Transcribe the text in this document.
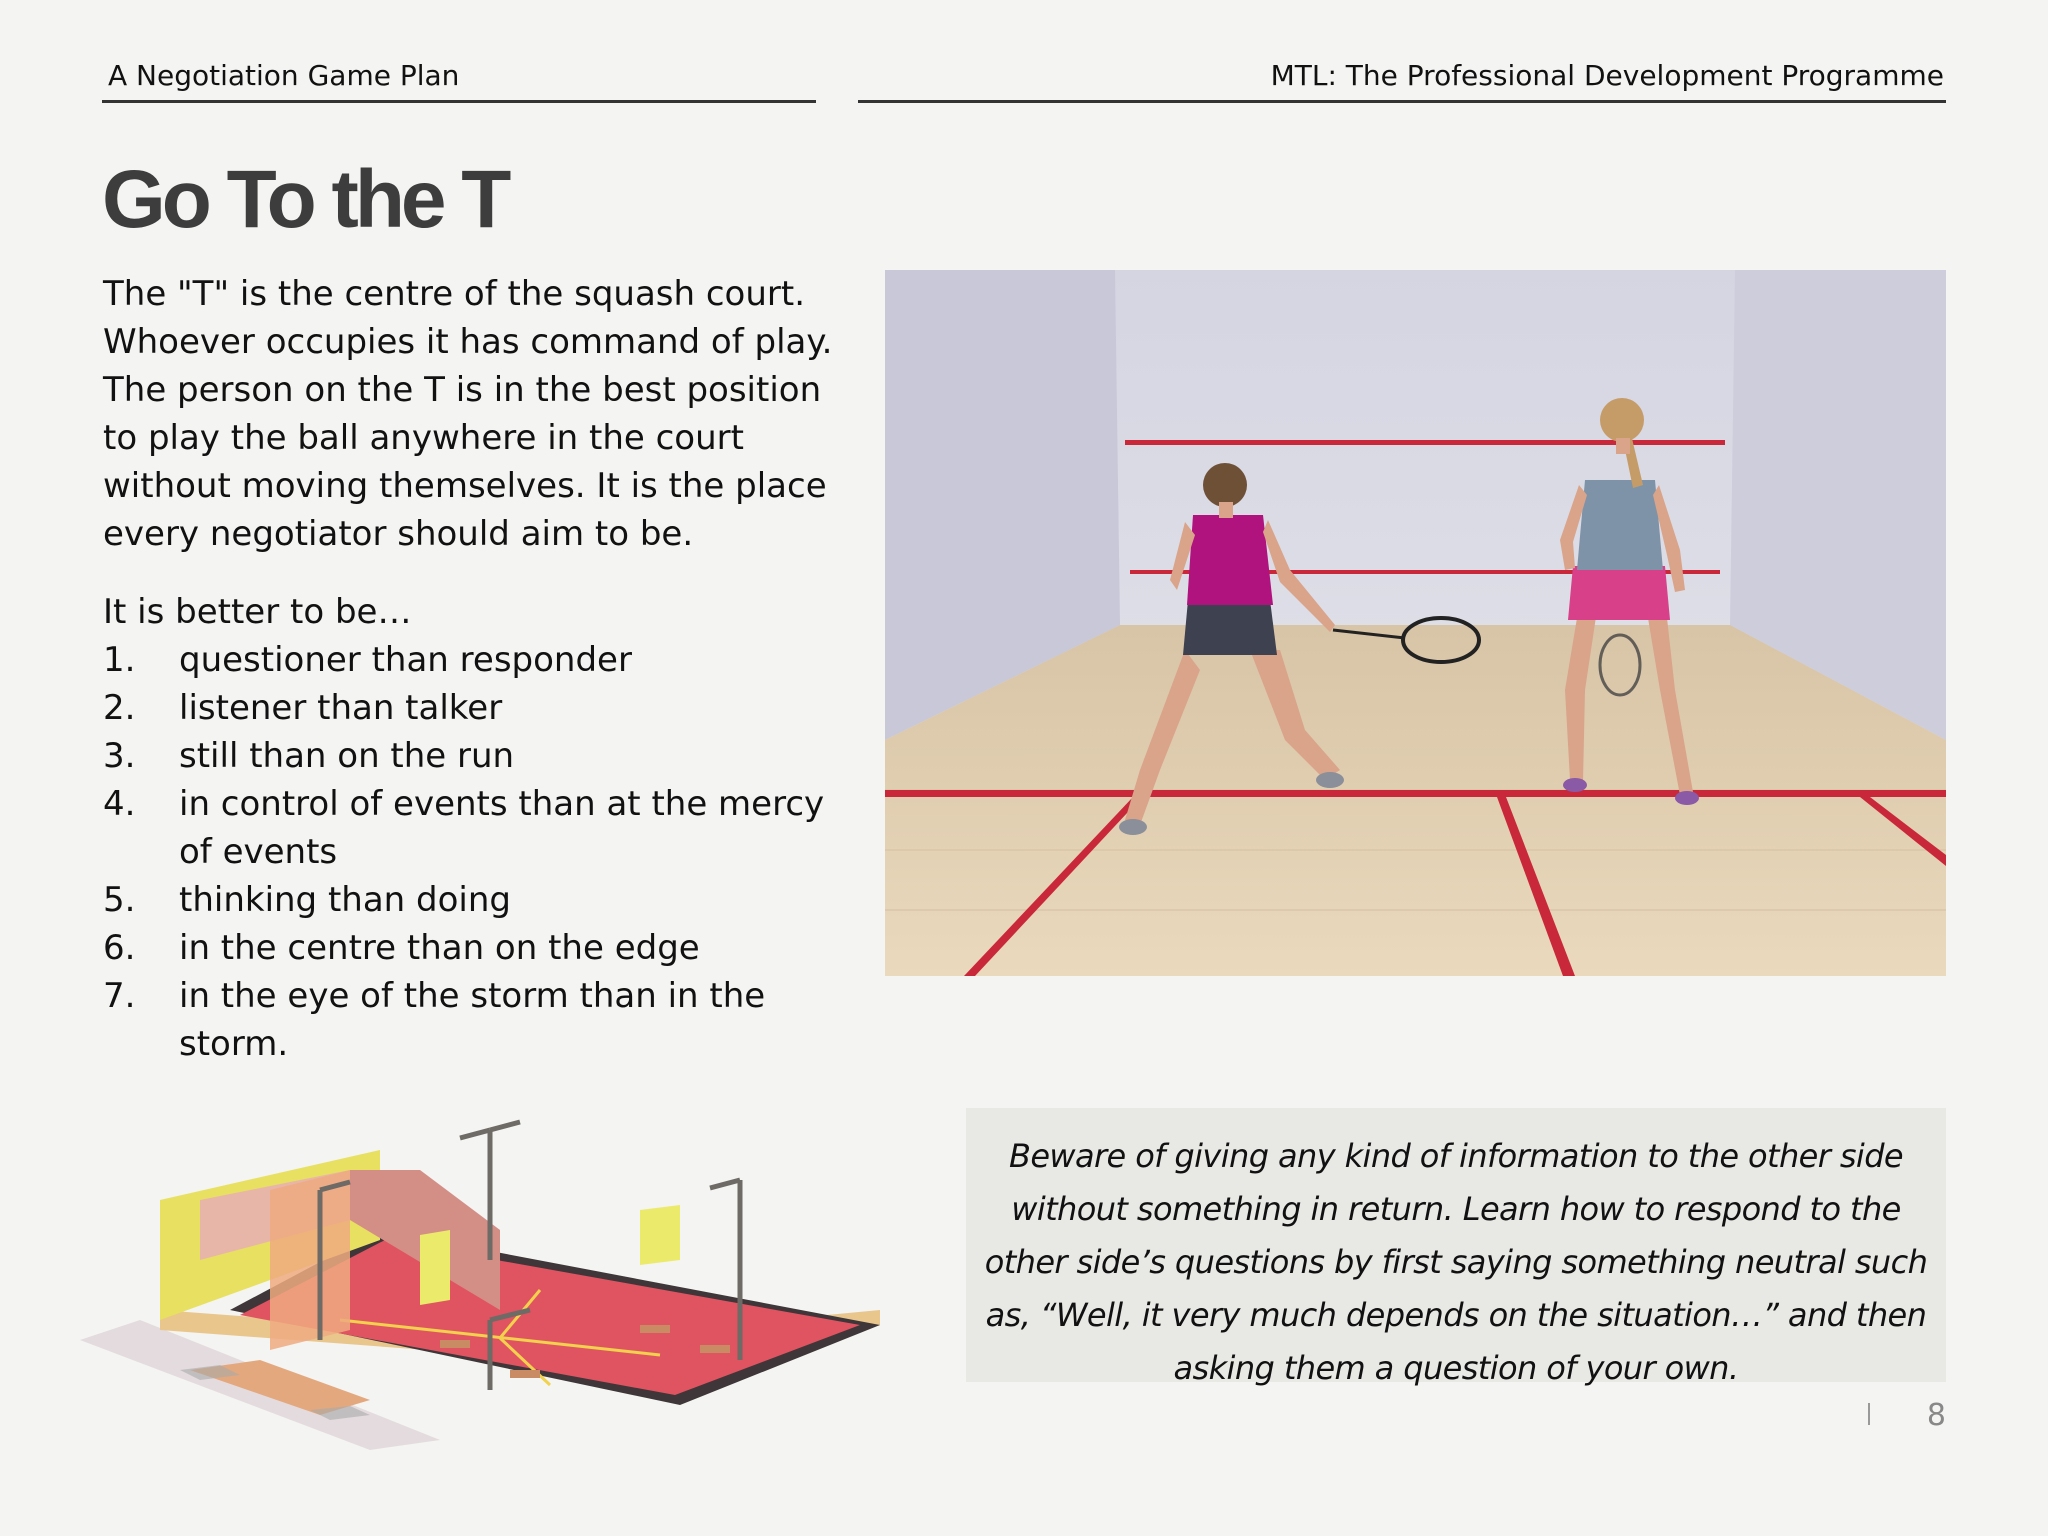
A Negotiation Game Plan	MTL: The Professional Development Programme
Go To the T

The "T" is the centre of the squash court. Whoever occupies it has command of play. The person on the T is in the best position to play the ball anywhere in the court without moving themselves. It is the place every negotiator should aim to be.

It is better to be…

1.	questioner than responder
2.	listener than talker
3.	still than on the run
4.	in control of events than at the mercy of events
5.	thinking than doing
6.	in the centre than on the edge
7.	in the eye of the storm than in the storm.
Beware of giving any kind of information to the other side without something in return. Learn how to respond to the other side’s questions by first saying something neutral such as, “Well, it very much depends on the situation…” and then asking them a question of your own.
8
